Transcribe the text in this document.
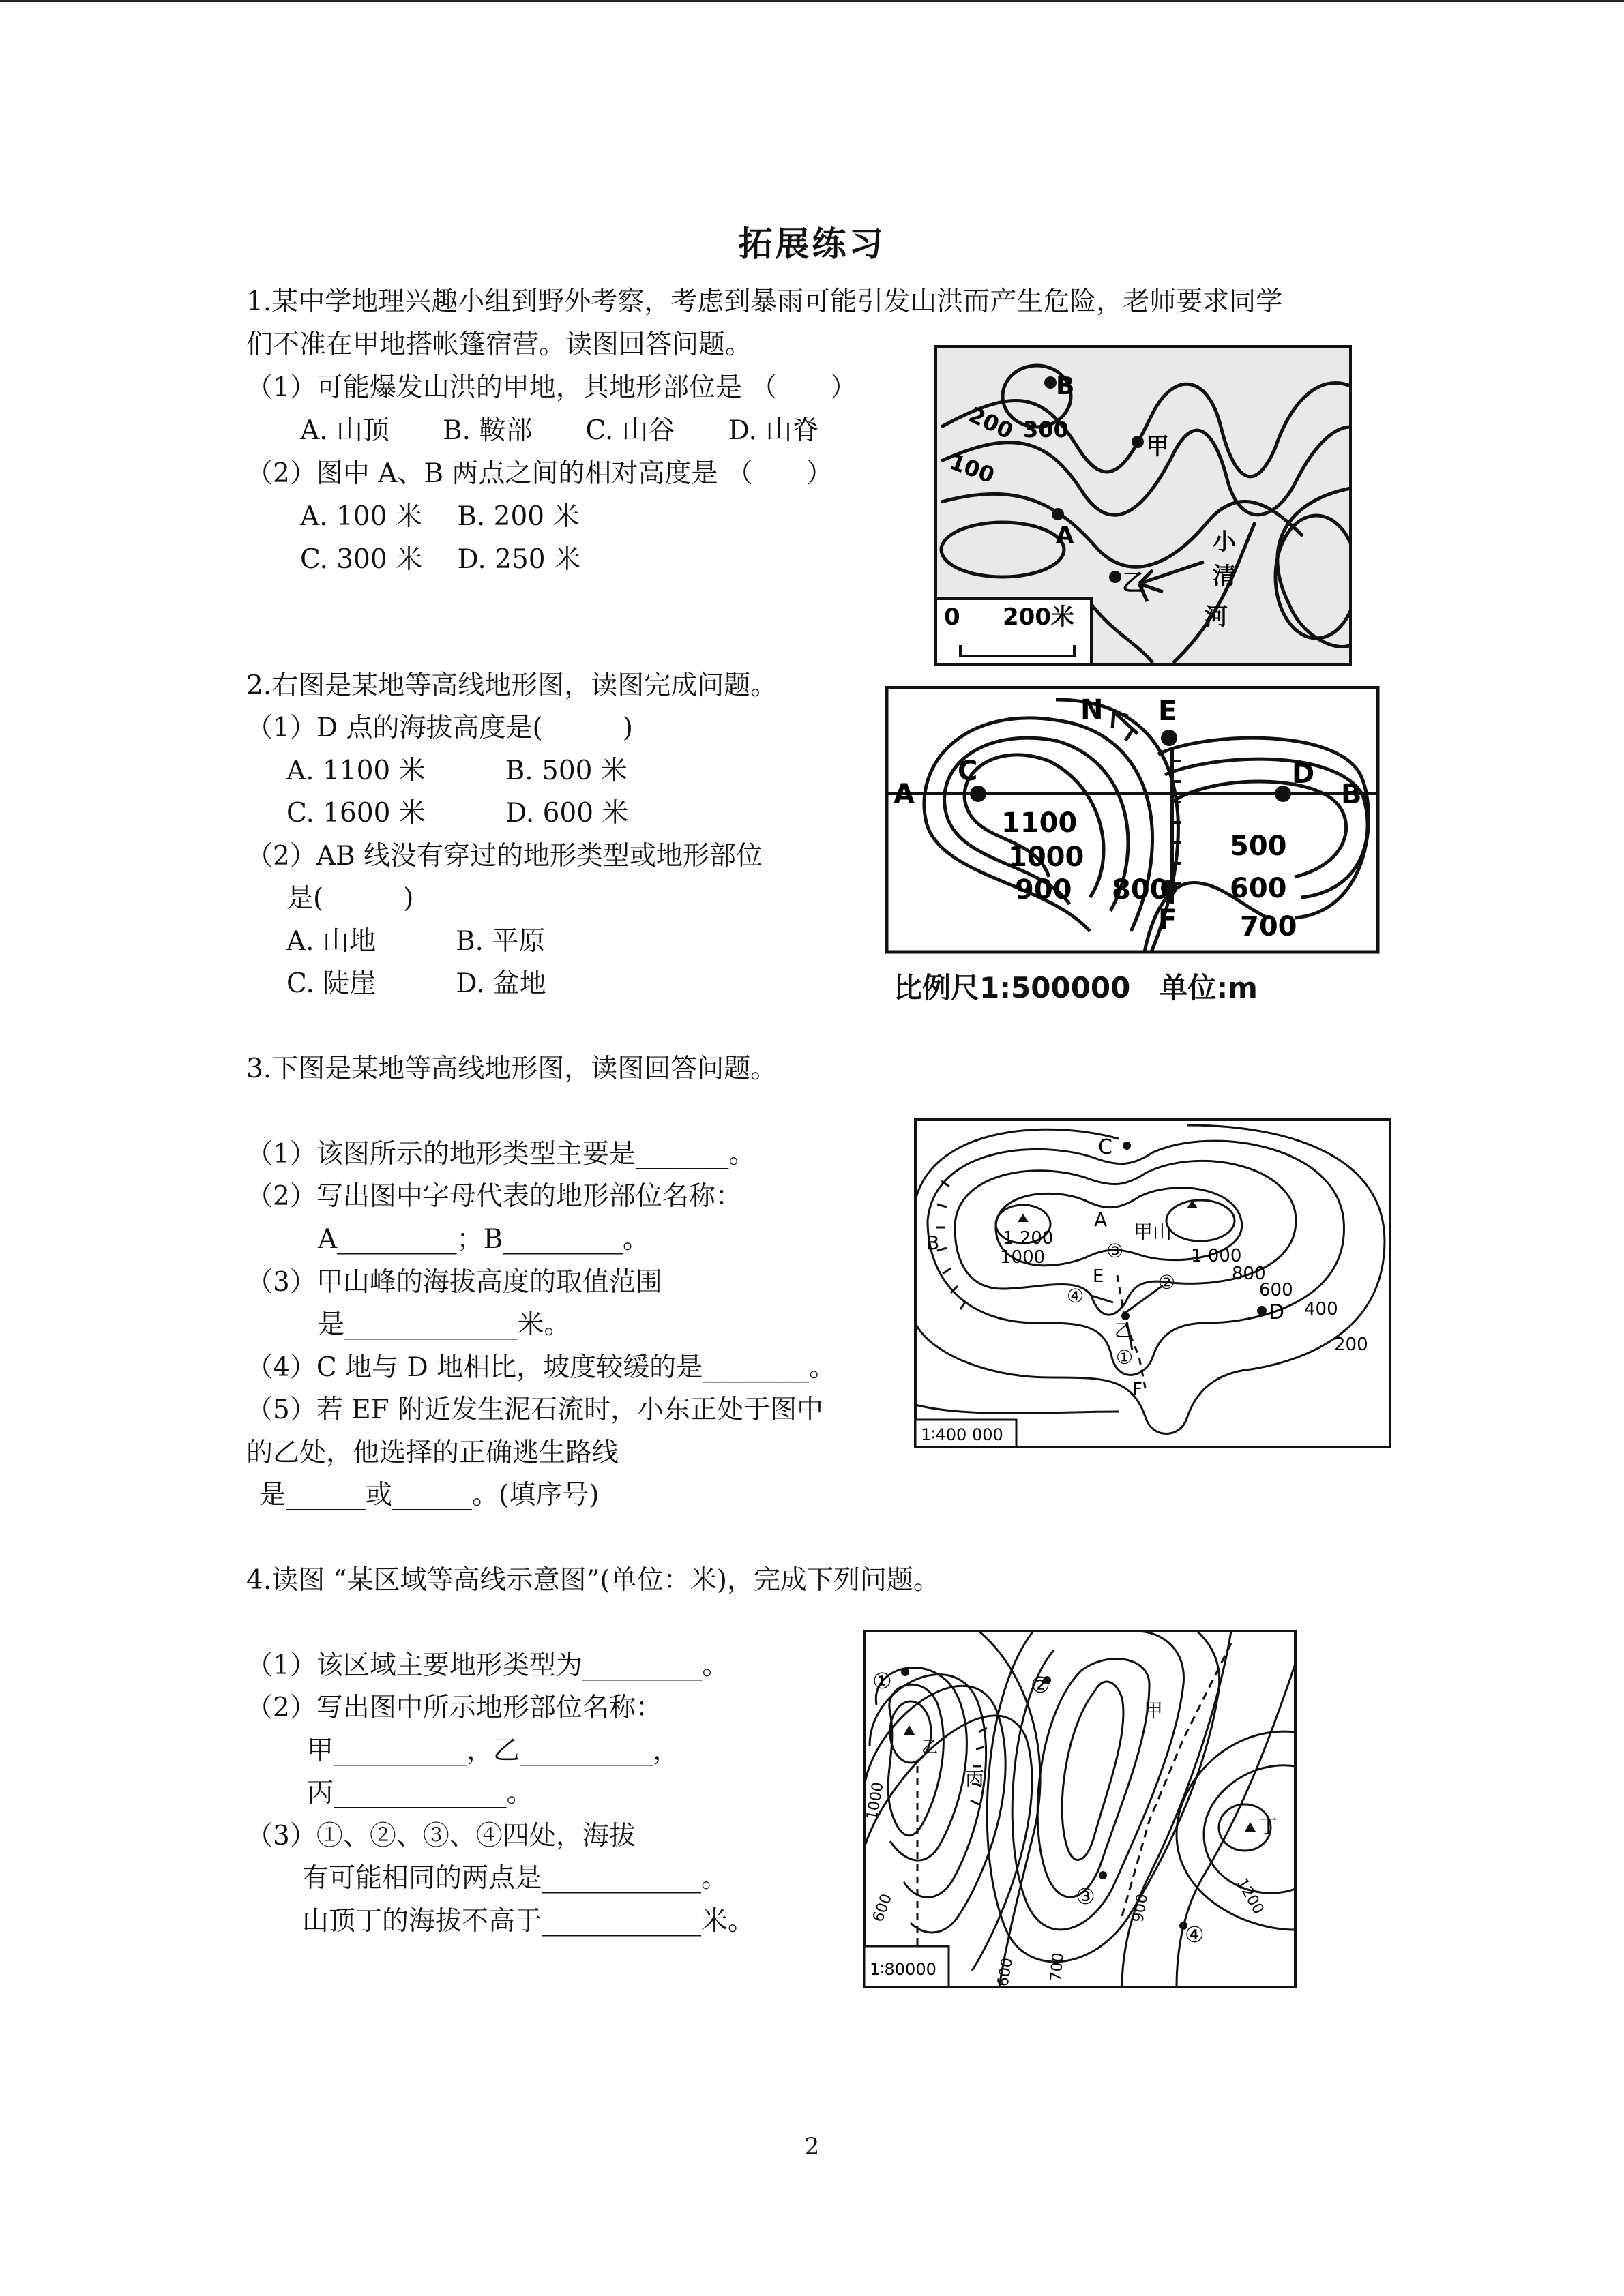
拓展练习
1.某中学地理兴趣小组到野外考察，考虑到暴雨可能引发山洪而产生危险，老师要求同学
们不准在甲地搭帐篷宿营。读图回答问题。
（1）可能爆发山洪的甲地，其地形部位是 （　　）
A. 山顶　　B. 鞍部　　C. 山谷　　D. 山脊
（2）图中 A、B 两点之间的相对高度是 （　　）
A. 100 米　 B. 200 米
C. 300 米　 D. 250 米
B
300
甲
200
100
A
乙
小
清
河
0 200米
2.右图是某地等高线地形图，读图完成问题。
（1）D 点的海拔高度是(　　　)
A. 1100 米　　　B. 500 米
C. 1600 米　　　D. 600 米
（2）AB 线没有穿过的地形类型或地形部位
是(　　　)
A. 山地　　　B. 平原
C. 陡崖　　　D. 盆地
N E
A
C	D
B
1100
1000
900 800
F
500
600
700
比例尺1:500000　单位:m
3.下图是某地等高线地形图，读图回答问题。
（1）该图所示的地形类型主要是_______。
（2）写出图中字母代表的地形部位名称：
A_________；B_________。
（3）甲山峰的海拔高度的取值范围
是_____________米。
（4）C 地与 D 地相比，坡度较缓的是________。
（5）若 EF 附近发生泥石流时，小东正处于图中
的乙处，他选择的正确逃生路线
是______或______。(填序号)
C
A
甲山
B	1 200
1000	1 000
800
600
400
200
D
E
F
③
②
④
乙
①
1∶400 000
4.读图 “某区域等高线示意图”(单位：米)，完成下列问题。
（1）该区域主要地形类型为_________。
（2）写出图中所示地形部位名称：
甲__________，乙__________，
丙_____________。
（3）①、②、③、④四处，海拔
有可能相同的两点是____________。
山顶丁的海拔不高于____________米。
①	②
③
④
甲
丙
乙
丁
1000
600
600 700
900	1200
1∶80000
2
